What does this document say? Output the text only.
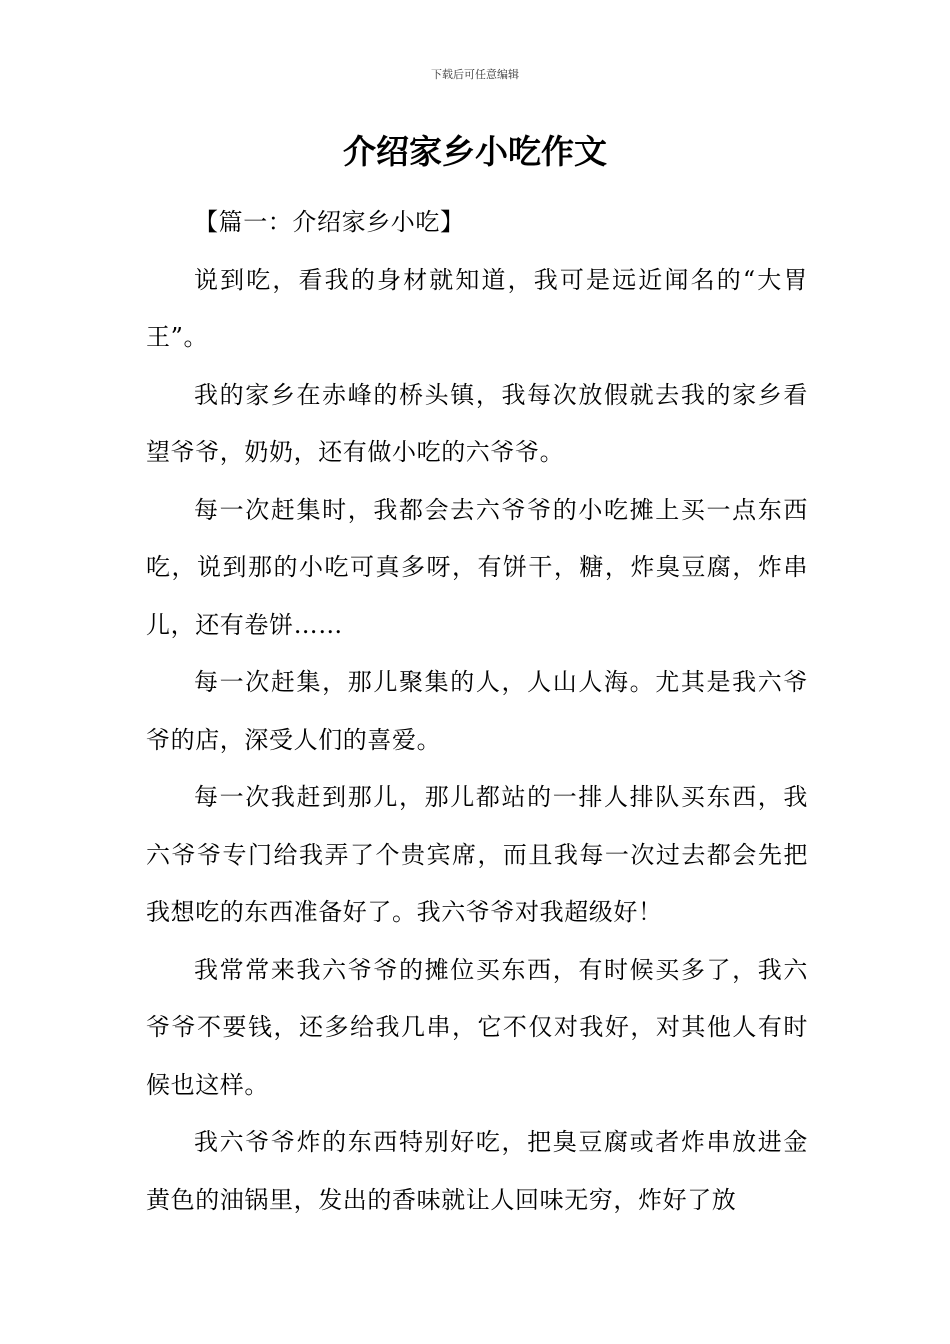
下载后可任意编辑
介绍家乡小吃作文

【篇一：介绍家乡小吃】

说到吃，看我的身材就知道，我可是远近闻名的“大胃王”。

我的家乡在赤峰的桥头镇，我每次放假就去我的家乡看望爷爷，奶奶，还有做小吃的六爷爷。

每一次赶集时，我都会去六爷爷的小吃摊上买一点东西吃，说到那的小吃可真多呀，有饼干，糖，炸臭豆腐，炸串儿，还有卷饼……

每一次赶集，那儿聚集的人，人山人海。尤其是我六爷爷的店，深受人们的喜爱。

每一次我赶到那儿，那儿都站的一排人排队买东西，我六爷爷专门给我弄了个贵宾席，而且我每一次过去都会先把我想吃的东西准备好了。我六爷爷对我超级好！

我常常来我六爷爷的摊位买东西，有时候买多了，我六爷爷不要钱，还多给我几串，它不仅对我好，对其他人有时候也这样。

我六爷爷炸的东西特别好吃，把臭豆腐或者炸串放进金黄色的油锅里，发出的香味就让人回味无穷，炸好了放
